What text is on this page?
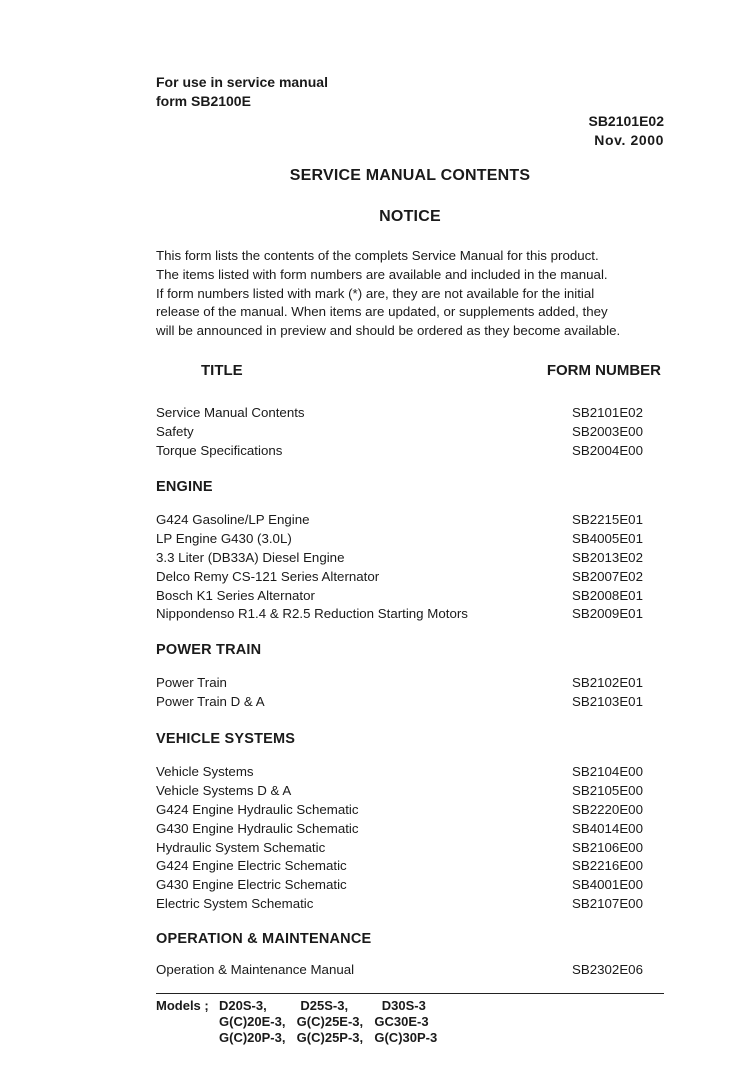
For use in service manual
form SB2100E
SB2101E02
Nov. 2000
SERVICE MANUAL CONTENTS
NOTICE

This form lists the contents of the complets Service Manual for this product.

The items listed with form numbers are available and included in the manual.

If form numbers listed with mark (*) are, they are not available for the initial

release of the manual. When items are updated, or supplements added, they

will be announced in preview and should be ordered as they become available.

TITLE	FORM NUMBER
Service Manual Contents	SB2101E02
Safety	SB2003E00
Torque Specifications	SB2004E00
ENGINE
G424 Gasoline/LP Engine	SB2215E01
LP Engine G430 (3.0L)	SB4005E01
3.3 Liter (DB33A) Diesel Engine	SB2013E02
Delco Remy CS-121 Series Alternator	SB2007E02
Bosch K1 Series Alternator	SB2008E01
Nippondenso R1.4 & R2.5 Reduction Starting Motors	SB2009E01
POWER TRAIN
Power Train	SB2102E01
Power Train D & A	SB2103E01
VEHICLE SYSTEMS
Vehicle Systems	SB2104E00
Vehicle Systems D & A	SB2105E00
G424 Engine Hydraulic Schematic	SB2220E00
G430 Engine Hydraulic Schematic	SB4014E00
Hydraulic System Schematic	SB2106E00
G424 Engine Electric Schematic	SB2216E00
G430 Engine Electric Schematic	SB4001E00
Electric System Schematic	SB2107E00
OPERATION & MAINTENANCE
Operation & Maintenance Manual	SB2302E06
Models ; D20S-3,      D25S-3,      D30S-3
G(C)20E-3,  G(C)25E-3,  GC30E-3
G(C)20P-3,  G(C)25P-3,  G(C)30P-3
